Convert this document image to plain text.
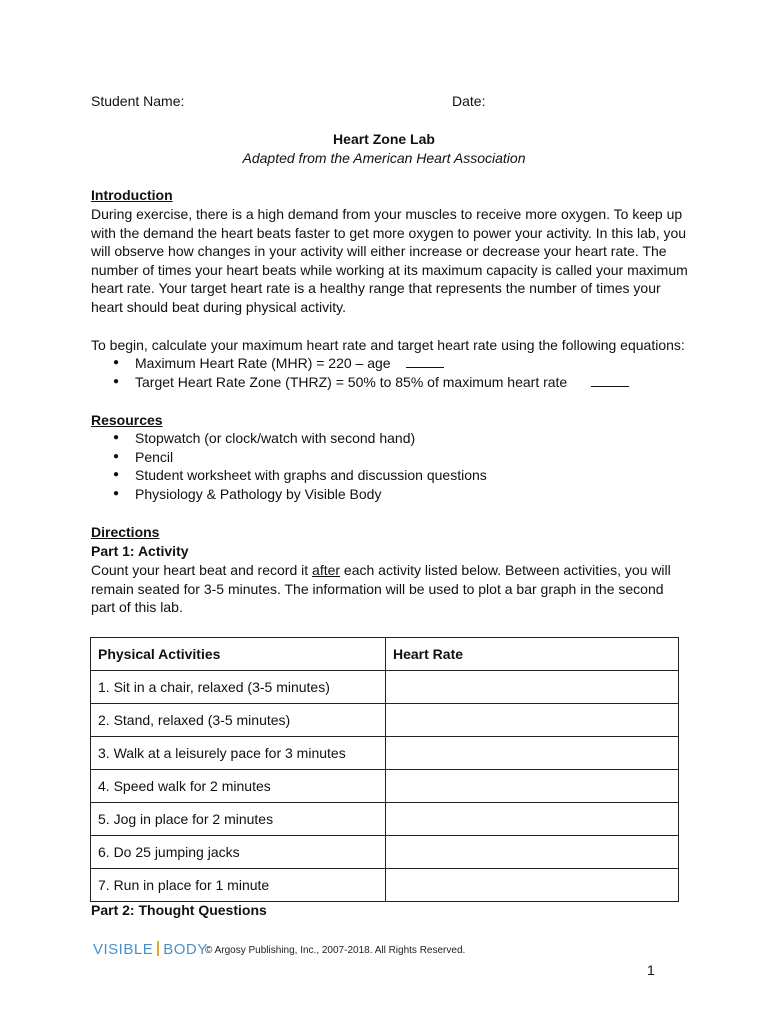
Student Name:	Date:
Heart Zone Lab
Adapted from the American Heart Association
Introduction
During exercise, there is a high demand from your muscles to receive more oxygen. To keep up with the demand the heart beats faster to get more oxygen to power your activity. In this lab, you will observe how changes in your activity will either increase or decrease your heart rate. The number of times your heart beats while working at its maximum capacity is called your maximum heart rate. Your target heart rate is a healthy range that represents the number of times your heart should beat during physical activity.
To begin, calculate your maximum heart rate and target heart rate using the following equations:
● Maximum Heart Rate (MHR) = 220 – age
● Target Heart Rate Zone (THRZ) = 50% to 85% of maximum heart rate
Resources
● Stopwatch (or clock/watch with second hand)
● Pencil
● Student worksheet with graphs and discussion questions
● Physiology & Pathology by Visible Body
Directions
Part 1: Activity
Count your heart beat and record it after each activity listed below. Between activities, you will remain seated for 3-5 minutes. The information will be used to plot a bar graph in the second part of this lab.
Physical Activities	Heart Rate
1. Sit in a chair, relaxed (3-5 minutes)	
2. Stand, relaxed (3-5 minutes)	
3. Walk at a leisurely pace for 3 minutes	
4. Speed walk for 2 minutes	
5. Jog in place for 2 minutes	
6. Do 25 jumping jacks	
7. Run in place for 1 minute	
Part 2: Thought Questions
VISIBLE BODY
© Argosy Publishing, Inc., 2007-2018. All Rights Reserved.
1
